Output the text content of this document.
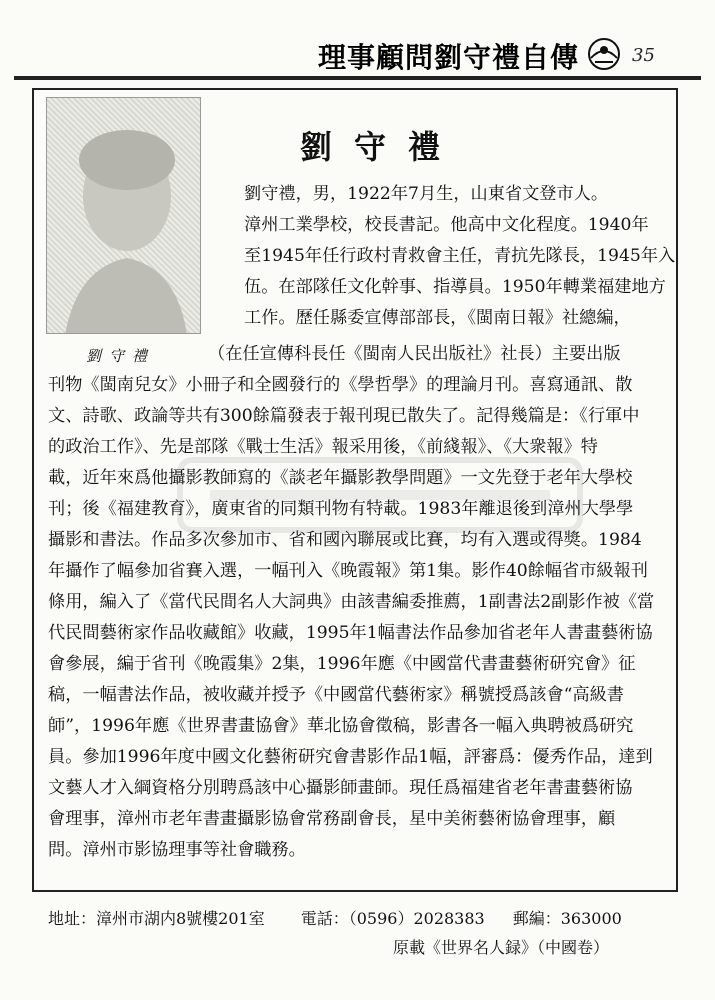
理事顧問劉守禮自傳	35
劉守禮
劉守禮
劉守禮，男，1922年7月生，山東省文登市人。
漳州工業學校，校長書記。他高中文化程度。1940年
至1945年任行政村青救會主任，青抗先隊長，1945年入
伍。在部隊任文化幹事、指導員。1950年轉業福建地方
工作。歷任縣委宣傳部部長，《閩南日報》社總編，
（在任宣傳科長任《閩南人民出版社》社長）主要出版
刊物《閩南兒女》小冊子和全國發行的《學哲學》的理論月刊。喜寫通訊、散
文、詩歌、政論等共有300餘篇發表于報刊現已散失了。記得幾篇是：《行軍中
的政治工作》、先是部隊《戰士生活》報采用後，《前綫報》、《大衆報》特
載，近年來爲他攝影教師寫的《談老年攝影教學問題》一文先登于老年大學校
刊；後《福建教育》，廣東省的同類刊物有特載。1983年離退後到漳州大學學
攝影和書法。作品多次參加市、省和國內聯展或比賽，均有入選或得獎。1984
年攝作了幅參加省賽入選，一幅刊入《晚霞報》第1集。影作40餘幅省市級報刊
條用，編入了《當代民間名人大詞典》由該書編委推薦，1副書法2副影作被《當
代民間藝術家作品收藏館》收藏，1995年1幅書法作品參加省老年人書畫藝術協
會參展，編于省刊《晚霞集》2集，1996年應《中國當代書畫藝術研究會》征
稿，一幅書法作品，被收藏并授予《中國當代藝術家》稱號授爲該會“高級書
師”，1996年應《世界書畫協會》華北協會徵稿，影書各一幅入典聘被爲研究
員。參加1996年度中國文化藝術研究會書影作品1幅，評審爲：優秀作品，達到
文藝人才入綱資格分別聘爲該中心攝影師畫師。現任爲福建省老年書畫藝術協
會理事，漳州市老年書畫攝影協會常務副會長，星中美術藝術協會理事，顧
問。漳州市影協理事等社會職務。
地址：漳州市湖内8號樓201室 電話：（0596）2028383 郵編：363000
原載《世界名人録》（中國卷）
